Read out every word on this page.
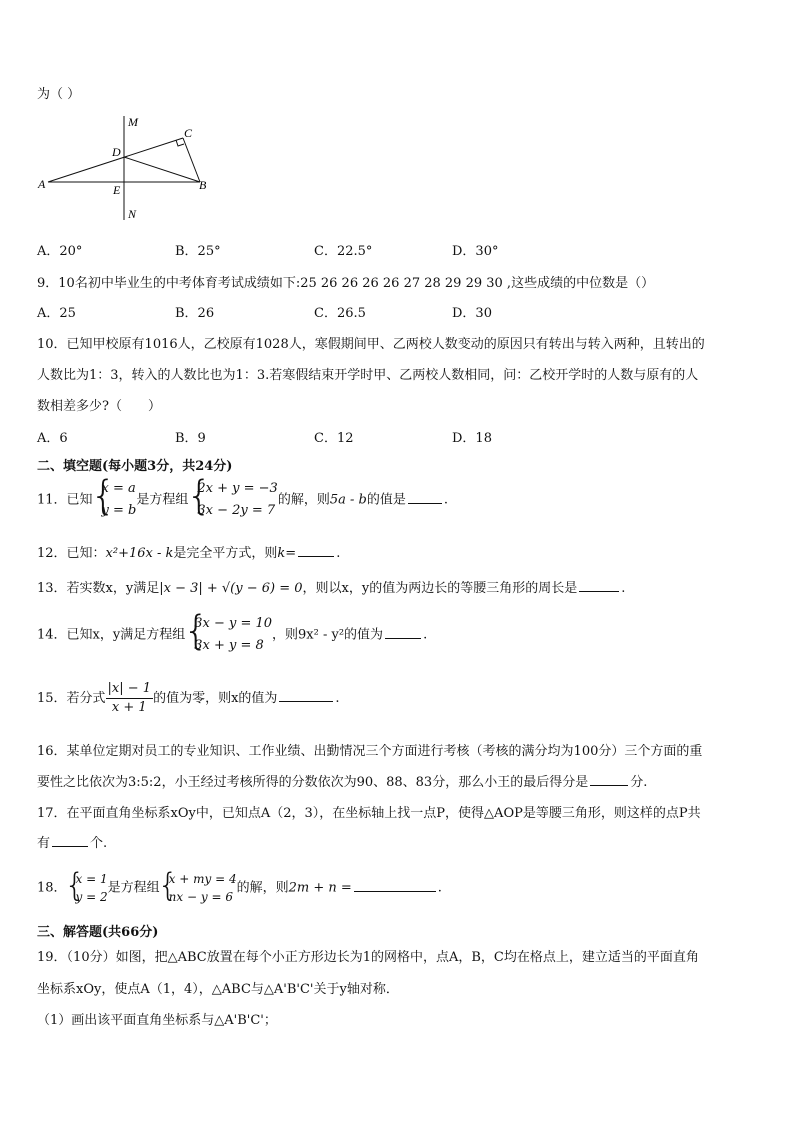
为（ ）
M
C
D
A	E	B
N
A．20°	B．25°	C．22.5°	D．30°
9．10名初中毕业生的中考体育考试成绩如下:25 26 26 26 26 27 28 29 29 30 ,这些成绩的中位数是（）
A．25	B．26	C．26.5	D．30
10．已知甲校原有1016人，乙校原有1028人，寒假期间甲、乙两校人数变动的原因只有转出与转入两种，且转出的
人数比为1：3，转入的人数比也为1：3.若寒假结束开学时甲、乙两校人数相同，问：乙校开学时的人数与原有的人
数相差多少?（　　）
A．6	B．9	C．12	D．18
二、填空题(每小题3分，共24分)
11．已知
{ x = a
y = b
是方程组
{ 2x + y = −3
3x − 2y = 7
的解，则5a - b的值是	.
12．已知：x²+16x - k是完全平方式，则k=	.
13．若实数x，y满足|x − 3| + √(y − 6) = 0，则以x，y的值为两边长的等腰三角形的周长是	.
14．已知x，y满足方程组
{ 3x − y = 10
3x + y = 8
，则9x² - y²的值为	.
15．若分式 $\frac{|x| - 1}{x + 1}$ 的值为零，则x的值为	.
16．某单位定期对员工的专业知识、工作业绩、出勤情况三个方面进行考核（考核的满分均为100分）三个方面的重
要性之比依次为3:5:2，小王经过考核所得的分数依次为90、88、83分，那么小王的最后得分是	分.
17．在平面直角坐标系xOy中，已知点A（2，3），在坐标轴上找一点P，使得△AOP是等腰三角形，则这样的点P共
有	个.
18．
{ x = 1
y = 2
是方程组
{ x + my = 4
nx − y = 6
的解，则2m + n =	.
三、解答题(共66分)
19．（10分）如图，把△ABC放置在每个小正方形边长为1的网格中，点A，B，C均在格点上，建立适当的平面直角
坐标系xOy，使点A（1，4），△ABC与△A'B'C'关于y轴对称．
（1）画出该平面直角坐标系与△A'B'C'；
